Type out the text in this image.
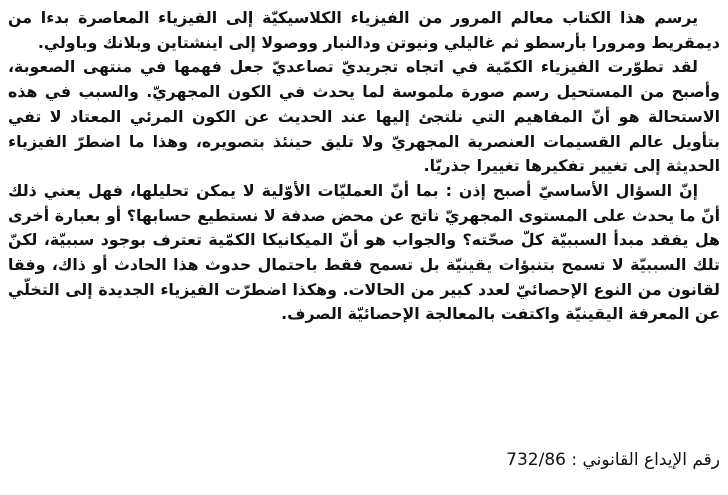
يرسم هذا الكتاب معالم المرور من الفيزياء الكلاسيكيّة إلى الفيزياء المعاصرة بدءا من ديمقريط ومرورا بأرسطو ثم غاليلي ونيوتن ودالنبار ووصولا إلى اينشتاين وبلانك وباولي.

لقد تطوّرت الفيزياء الكمّية في اتجاه تجريديّ تصاعديّ جعل فهمها في منتهى الصعوبة، وأصبح من المستحيل رسم صورة ملموسة لما يحدث في الكون المجهريّ. والسبب في هذه الاستحالة هو أنّ المفاهيم التي نلتجئ إليها عند الحديث عن الكون المرئي المعتاد لا تفي بتأويل عالم القسيمات العنصرية المجهريّ ولا تليق حينئذ بتصويره، وهذا ما اضطرّ الفيزياء الحديثة إلى تغيير تفكيرها تغييرا جذريّا.

إنّ السؤال الأساسيّ أصبح إذن : بما أنّ العمليّات الأوّلية لا يمكن تحليلها، فهل يعني ذلك أنّ ما يحدث على المستوى المجهريّ ناتج عن محض صدفة لا نستطيع حسابها؟ أو بعبارة أخرى هل يفقد مبدأ السببيّة كلّ صحّته؟ والجواب هو أنّ الميكانيكا الكمّية تعترف بوجود سببيّة، لكنّ تلك السببيّة لا تسمح بتنبؤات يقينيّة بل تسمح فقط باحتمال حدوث هذا الحادث أو ذاك، وفقا لقانون من النوع الإحصائيّ لعدد كبير من الحالات. وهكذا اضطرّت الفيزياء الجديدة إلى التخلّي عن المعرفة اليقينيّة واكتفت بالمعالجة الإحصائيّة الصرف.

رقم الإيداع القانوني : 732/86
